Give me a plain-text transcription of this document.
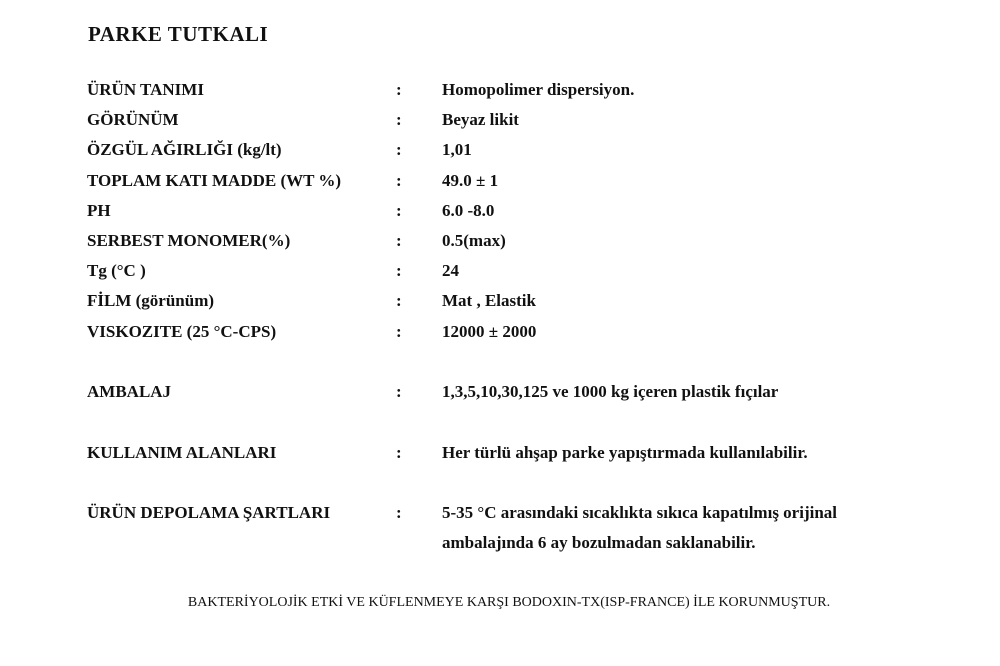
PARKE TUTKALI
ÜRÜN TANIMI	: Homopolimer dispersiyon.
GÖRÜNÜM	: Beyaz likit
ÖZGÜL AĞIRLIĞI (kg/lt)	: 1,01
TOPLAM KATI MADDE (WT %)	: 49.0 ± 1
PH	: 6.0 -8.0
SERBEST MONOMER(%)	: 0.5(max)
Tg (°C )	: 24
FİLM (görünüm)	: Mat , Elastik
VISKOZITE (25 °C-CPS)	: 12000 ± 2000
AMBALAJ	: 1,3,5,10,30,125 ve 1000 kg içeren plastik fıçılar
KULLANIM ALANLARI	: Her türlü ahşap parke yapıştırmada kullanılabilir.
ÜRÜN DEPOLAMA ŞARTLARI	: 5-35 °C arasındaki sıcaklıkta sıkıca kapatılmış orijinal
ambalajında 6 ay bozulmadan saklanabilir.
BAKTERİYOLOJİK ETKİ VE KÜFLENMEYE KARŞI BODOXIN-TX(ISP-FRANCE) İLE KORUNMUŞTUR.
